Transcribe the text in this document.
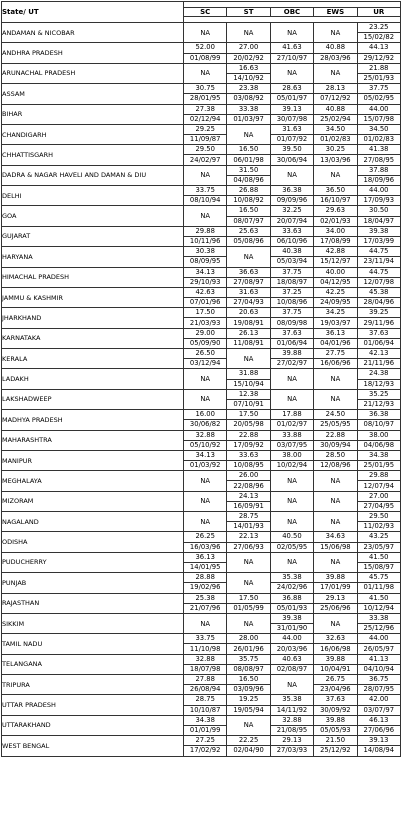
State/ UT					
	SC	ST	OBC	EWS	UR

ANDAMAN & NICOBAR	NA	NA	NA	NA	23.25
					15/02/82
ANDHRA PRADESH	52.00	27.00	41.63	40.88	44.13
	01/08/99	20/02/92	27/10/97	28/03/96	29/12/92
ARUNACHAL PRADESH	NA	16.63	NA	NA	21.88
		14/10/92			25/01/93
ASSAM	30.75	23.38	28.63	28.13	37.75
	28/01/95	03/08/92	05/01/97	07/12/92	05/02/95
BIHAR	27.38	33.38	39.13	40.88	44.00
	02/12/94	01/03/97	30/07/98	25/02/94	15/07/98
CHANDIGARH	29.25	NA	31.63	34.50	34.50
	11/09/87		01/07/92	01/02/83	01/02/83
CHHATTISGARH	29.50	16.50	39.50	30.25	41.38
	24/02/97	06/01/98	30/06/94	13/03/96	27/08/95
DADRA & NAGAR HAVELI AND DAMAN & DIU	NA	31.50	NA	NA	37.88
		04/08/96			18/09/96
DELHI	33.75	26.88	36.38	36.50	44.00
	08/10/94	10/08/92	09/09/96	16/10/97	17/09/93
GOA	NA	16.50	32.25	29.63	30.50
		08/07/97	20/07/94	02/01/93	18/04/97
GUJARAT	29.88	25.63	33.63	34.00	39.38
	10/11/96	05/08/96	06/10/96	17/08/99	17/03/99
HARYANA	30.38	NA	40.38	42.88	44.75
	08/09/95		05/03/94	15/12/97	23/11/94
HIMACHAL PRADESH	34.13	36.63	37.75	40.00	44.75
	29/10/93	27/08/97	18/08/97	04/12/95	12/07/98
JAMMU & KASHMIR	42.63	31.63	37.25	42.25	45.38
	07/01/96	27/04/93	10/08/96	24/09/95	28/04/96
JHARKHAND	17.50	20.63	37.75	34.25	39.25
	21/03/93	19/08/91	08/09/98	19/03/97	29/11/96
KARNATAKA	29.00	26.13	37.63	36.13	37.63
	05/09/90	11/08/91	01/06/94	04/01/96	01/06/94
KERALA	26.50	NA	39.88	27.75	42.13
	03/12/94		27/02/97	16/06/96	21/11/96
LADAKH	NA	31.88	NA	NA	24.38
		15/10/94			18/12/93
LAKSHADWEEP	NA	12.38	NA	NA	35.25
		07/10/91			21/12/93
MADHYA PRADESH	16.00	17.50	17.88	24.50	36.38
	30/06/82	20/05/98	01/02/97	25/05/95	08/10/97
MAHARASHTRA	32.88	22.88	33.88	22.88	38.00
	05/10/92	17/09/92	03/07/95	30/09/94	04/06/98
MANIPUR	34.13	33.63	38.00	28.50	34.38
	01/03/92	10/08/95	10/02/94	12/08/96	25/01/95
MEGHALAYA	NA	26.00	NA	NA	29.88
		22/08/96			12/07/94
MIZORAM	NA	24.13	NA	NA	27.00
		16/09/91			27/04/95
NAGALAND	NA	28.75	NA	NA	29.50
		14/01/93			11/02/93
ODISHA	26.25	22.13	40.50	34.63	43.25
	16/03/96	27/06/93	02/05/95	15/06/98	23/05/97
PUDUCHERRY	36.13	NA	NA	NA	41.50
	14/01/95				15/08/97
PUNJAB	28.88	NA	35.38	39.88	45.75
	19/02/96		24/02/96	17/01/99	01/11/98
RAJASTHAN	25.38	17.50	36.88	29.13	41.50
	21/07/96	01/05/99	05/01/93	25/06/96	10/12/94
SIKKIM	NA	NA	39.38	NA	33.38
			31/01/90		25/12/96
TAMIL NADU	33.75	28.00	44.00	32.63	44.00
	11/10/98	26/01/96	20/03/96	16/06/98	26/05/97
TELANGANA	32.88	35.75	40.63	39.88	41.13
	18/07/98	08/08/97	02/08/97	10/04/91	04/10/94
TRIPURA	27.88	16.50	NA	26.75	36.75
	26/08/94	03/09/96		23/04/96	28/07/95
UTTAR PRADESH	28.75	19.25	35.38	37.63	42.00
	10/10/87	19/05/94	14/11/92	30/09/92	03/07/97
UTTARAKHAND	34.38	NA	32.88	39.88	46.13
	01/01/99		21/08/95	05/05/93	27/06/96
WEST BENGAL	27.25	22.25	29.13	21.50	39.13
	17/02/92	02/04/90	27/03/93	25/12/92	14/08/94
